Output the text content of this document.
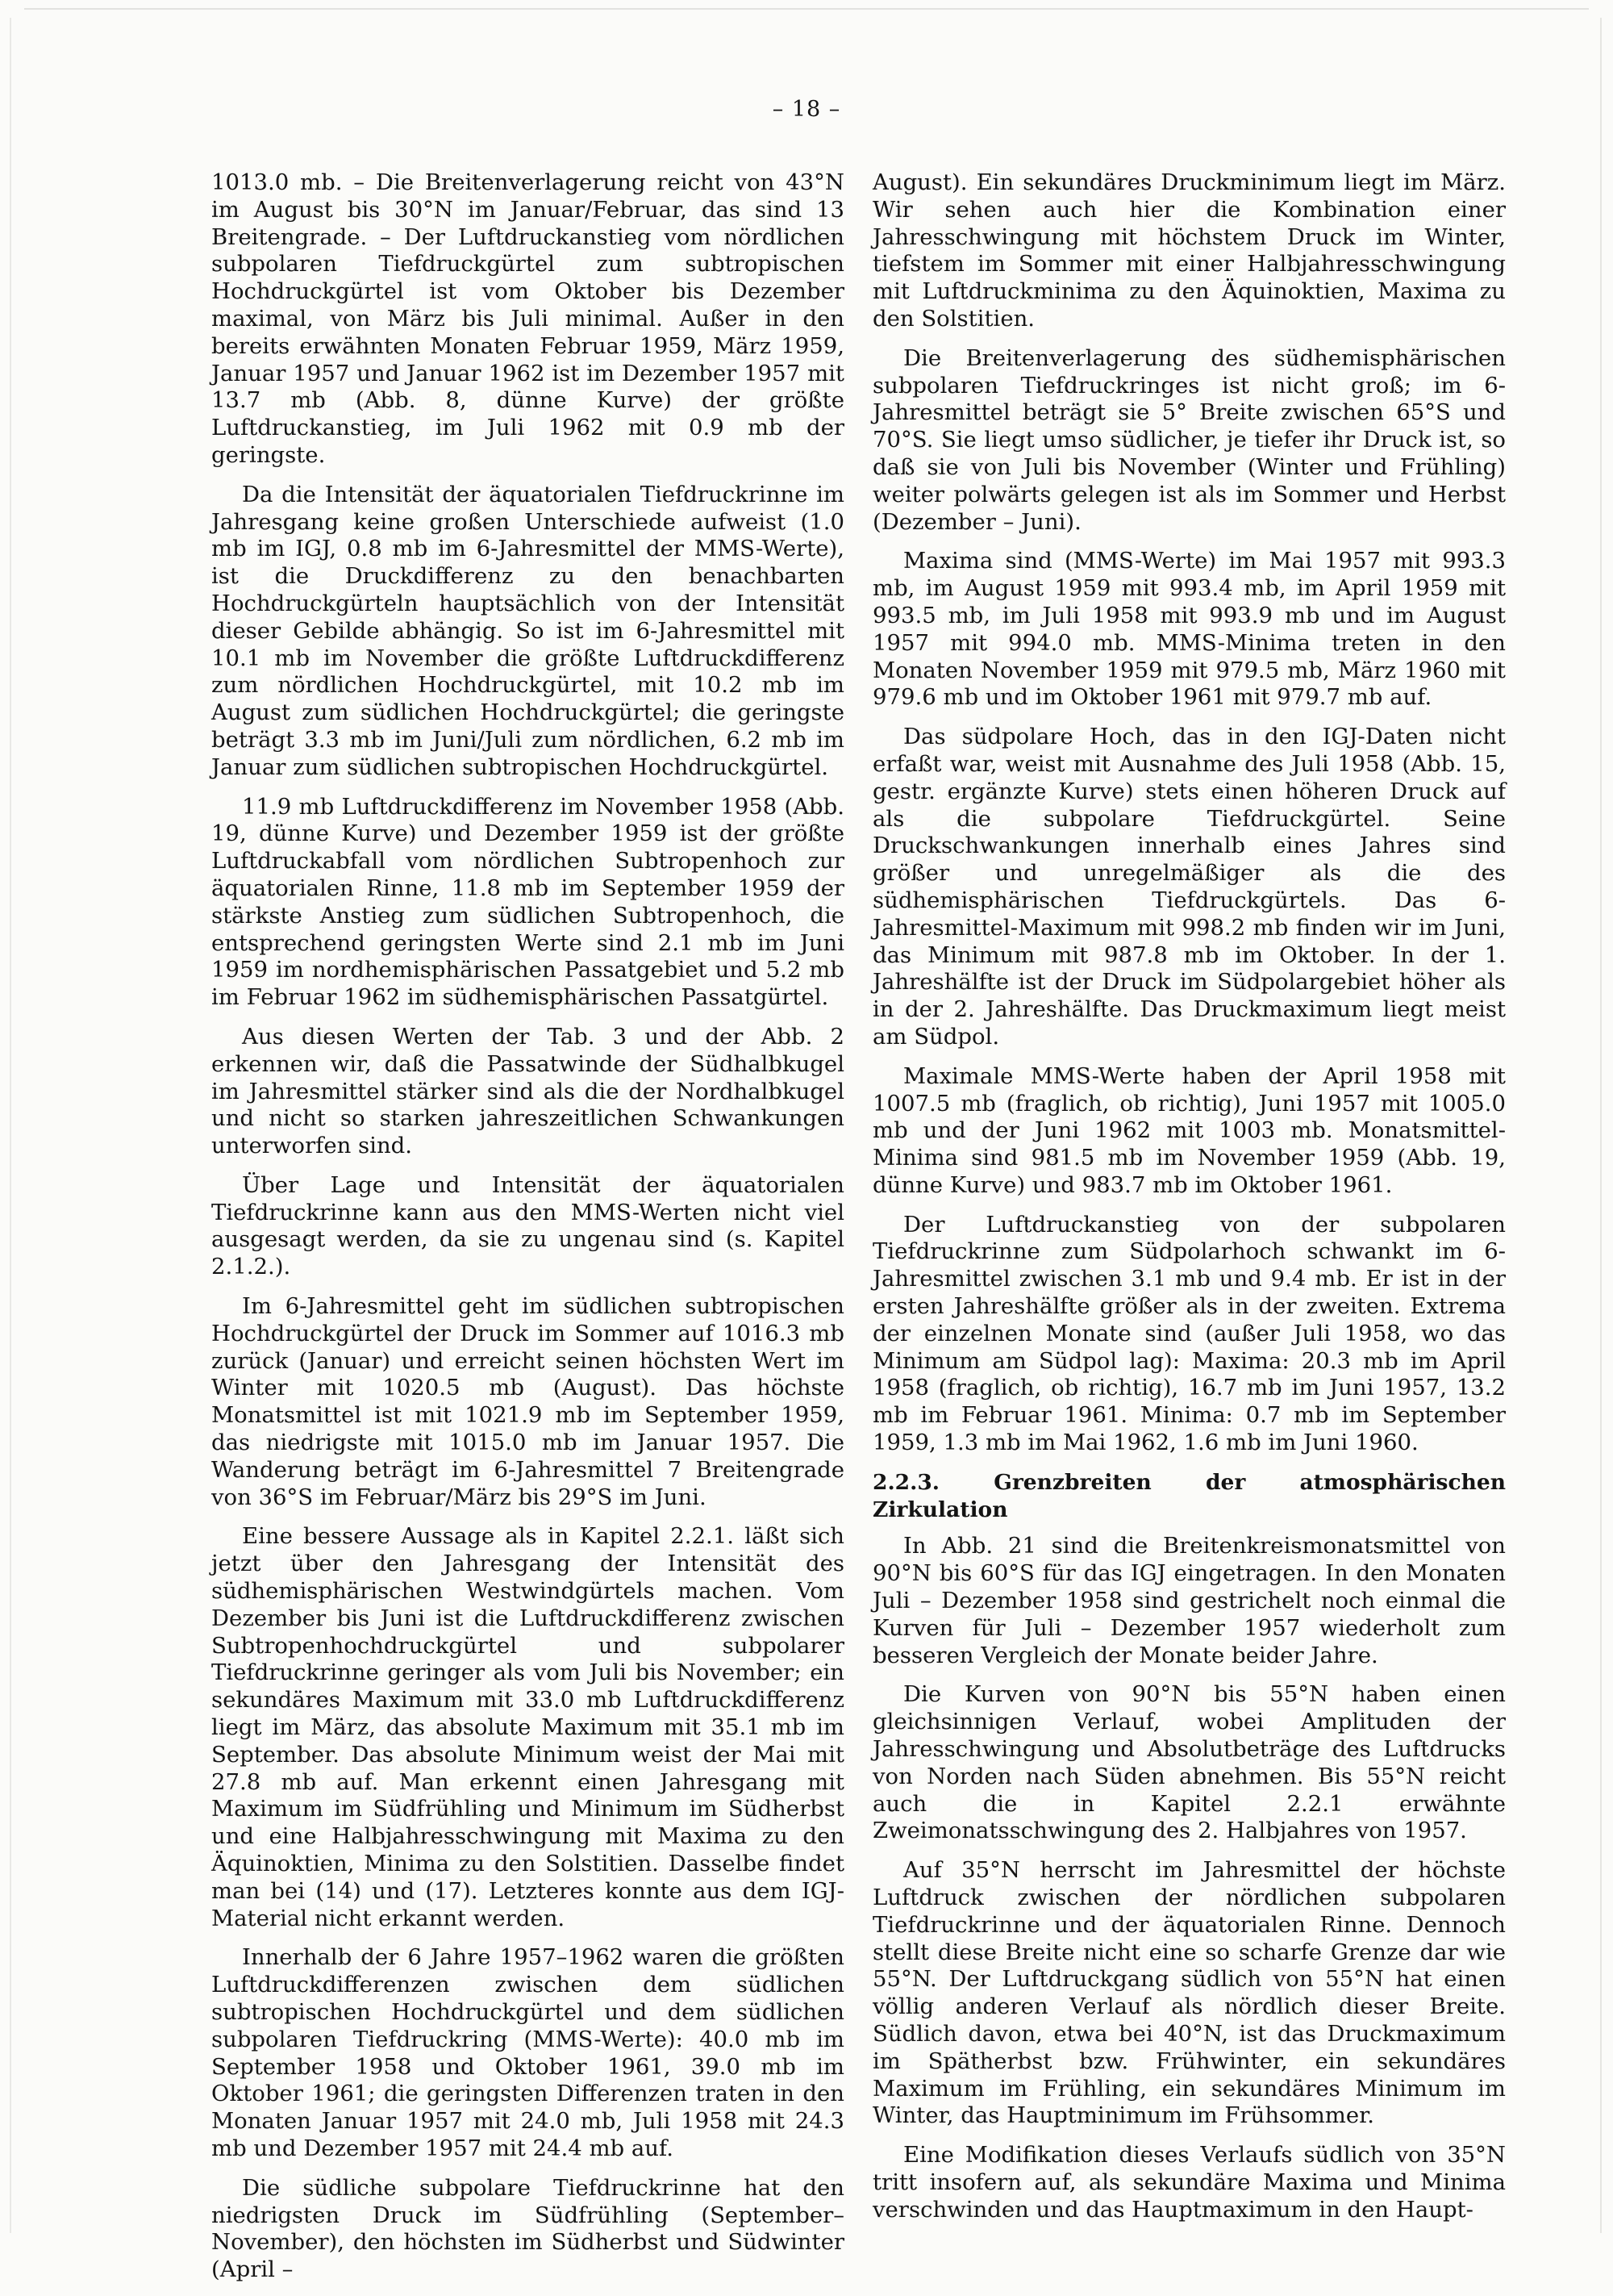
– 18 –

1013.0 mb. – Die Breitenverlagerung reicht von 43°N im August bis 30°N im Januar/Februar, das sind 13 Breitengrade. – Der Luftdruckanstieg vom nördlichen subpolaren Tiefdruckgürtel zum subtropischen Hochdruckgürtel ist vom Oktober bis Dezember maximal, von März bis Juli minimal. Außer in den bereits erwähnten Monaten Februar 1959, März 1959, Januar 1957 und Januar 1962 ist im Dezember 1957 mit 13.7 mb (Abb. 8, dünne Kurve) der größte Luftdruckanstieg, im Juli 1962 mit 0.9 mb der geringste.

Da die Intensität der äquatorialen Tiefdruckrinne im Jahresgang keine großen Unterschiede aufweist (1.0 mb im IGJ, 0.8 mb im 6-Jahresmittel der MMS-Werte), ist die Druckdifferenz zu den benachbarten Hochdruckgürteln hauptsächlich von der Intensität dieser Gebilde abhängig. So ist im 6-Jahresmittel mit 10.1 mb im November die größte Luftdruckdifferenz zum nördlichen Hochdruckgürtel, mit 10.2 mb im August zum südlichen Hochdruckgürtel; die geringste beträgt 3.3 mb im Juni/Juli zum nördlichen, 6.2 mb im Januar zum südlichen subtropischen Hochdruckgürtel.

11.9 mb Luftdruckdifferenz im November 1958 (Abb. 19, dünne Kurve) und Dezember 1959 ist der größte Luftdruckabfall vom nördlichen Subtropenhoch zur äquatorialen Rinne, 11.8 mb im September 1959 der stärkste Anstieg zum südlichen Subtropenhoch, die entsprechend geringsten Werte sind 2.1 mb im Juni 1959 im nordhemisphärischen Passatgebiet und 5.2 mb im Februar 1962 im südhemisphärischen Passatgürtel.

Aus diesen Werten der Tab. 3 und der Abb. 2 erkennen wir, daß die Passatwinde der Südhalbkugel im Jahresmittel stärker sind als die der Nordhalbkugel und nicht so starken jahreszeitlichen Schwankungen unterworfen sind.

Über Lage und Intensität der äquatorialen Tiefdruckrinne kann aus den MMS-Werten nicht viel ausgesagt werden, da sie zu ungenau sind (s. Kapitel 2.1.2.).

Im 6-Jahresmittel geht im südlichen subtropischen Hochdruckgürtel der Druck im Sommer auf 1016.3 mb zurück (Januar) und erreicht seinen höchsten Wert im Winter mit 1020.5 mb (August). Das höchste Monatsmittel ist mit 1021.9 mb im September 1959, das niedrigste mit 1015.0 mb im Januar 1957. Die Wanderung beträgt im 6-Jahresmittel 7 Breitengrade von 36°S im Februar/März bis 29°S im Juni.

Eine bessere Aussage als in Kapitel 2.2.1. läßt sich jetzt über den Jahresgang der Intensität des südhemisphärischen Westwindgürtels machen. Vom Dezember bis Juni ist die Luftdruckdifferenz zwischen Subtropenhochdruckgürtel und subpolarer Tiefdruckrinne geringer als vom Juli bis November; ein sekundäres Maximum mit 33.0 mb Luftdruckdifferenz liegt im März, das absolute Maximum mit 35.1 mb im September. Das absolute Minimum weist der Mai mit 27.8 mb auf. Man erkennt einen Jahresgang mit Maximum im Südfrühling und Minimum im Südherbst und eine Halbjahresschwingung mit Maxima zu den Äquinoktien, Minima zu den Solstitien. Dasselbe findet man bei (14) und (17). Letzteres konnte aus dem IGJ-Material nicht erkannt werden.

Innerhalb der 6 Jahre 1957–1962 waren die größten Luftdruckdifferenzen zwischen dem südlichen subtropischen Hochdruckgürtel und dem südlichen subpolaren Tiefdruckring (MMS-Werte): 40.0 mb im September 1958 und Oktober 1961, 39.0 mb im Oktober 1961; die geringsten Differenzen traten in den Monaten Januar 1957 mit 24.0 mb, Juli 1958 mit 24.3 mb und Dezember 1957 mit 24.4 mb auf.

Die südliche subpolare Tiefdruckrinne hat den niedrigsten Druck im Südfrühling (September–November), den höchsten im Südherbst und Südwinter (April –

August). Ein sekundäres Druckminimum liegt im März. Wir sehen auch hier die Kombination einer Jahresschwingung mit höchstem Druck im Winter, tiefstem im Sommer mit einer Halbjahresschwingung mit Luftdruckminima zu den Äquinoktien, Maxima zu den Solstitien.

Die Breitenverlagerung des südhemisphärischen subpolaren Tiefdruckringes ist nicht groß; im 6-Jahresmittel beträgt sie 5° Breite zwischen 65°S und 70°S. Sie liegt umso südlicher, je tiefer ihr Druck ist, so daß sie von Juli bis November (Winter und Frühling) weiter polwärts gelegen ist als im Sommer und Herbst (Dezember – Juni).

Maxima sind (MMS-Werte) im Mai 1957 mit 993.3 mb, im August 1959 mit 993.4 mb, im April 1959 mit 993.5 mb, im Juli 1958 mit 993.9 mb und im August 1957 mit 994.0 mb. MMS-Minima treten in den Monaten November 1959 mit 979.5 mb, März 1960 mit 979.6 mb und im Oktober 1961 mit 979.7 mb auf.

Das südpolare Hoch, das in den IGJ-Daten nicht erfaßt war, weist mit Ausnahme des Juli 1958 (Abb. 15, gestr. ergänzte Kurve) stets einen höheren Druck auf als die subpolare Tiefdruckgürtel. Seine Druckschwankungen innerhalb eines Jahres sind größer und unregelmäßiger als die des südhemisphärischen Tiefdruckgürtels. Das 6-Jahresmittel-Maximum mit 998.2 mb finden wir im Juni, das Minimum mit 987.8 mb im Oktober. In der 1. Jahreshälfte ist der Druck im Südpolargebiet höher als in der 2. Jahreshälfte. Das Druckmaximum liegt meist am Südpol.

Maximale MMS-Werte haben der April 1958 mit 1007.5 mb (fraglich, ob richtig), Juni 1957 mit 1005.0 mb und der Juni 1962 mit 1003 mb. Monatsmittel-Minima sind 981.5 mb im November 1959 (Abb. 19, dünne Kurve) und 983.7 mb im Oktober 1961.

Der Luftdruckanstieg von der subpolaren Tiefdruckrinne zum Südpolarhoch schwankt im 6-Jahresmittel zwischen 3.1 mb und 9.4 mb. Er ist in der ersten Jahreshälfte größer als in der zweiten. Extrema der einzelnen Monate sind (außer Juli 1958, wo das Minimum am Südpol lag): Maxima: 20.3 mb im April 1958 (fraglich, ob richtig), 16.7 mb im Juni 1957, 13.2 mb im Februar 1961. Minima: 0.7 mb im September 1959, 1.3 mb im Mai 1962, 1.6 mb im Juni 1960.

2.2.3. Grenzbreiten der atmosphärischen Zirkulation

In Abb. 21 sind die Breitenkreismonatsmittel von 90°N bis 60°S für das IGJ eingetragen. In den Monaten Juli – Dezember 1958 sind gestrichelt noch einmal die Kurven für Juli – Dezember 1957 wiederholt zum besseren Vergleich der Monate beider Jahre.

Die Kurven von 90°N bis 55°N haben einen gleichsinnigen Verlauf, wobei Amplituden der Jahresschwingung und Absolutbeträge des Luftdrucks von Norden nach Süden abnehmen. Bis 55°N reicht auch die in Kapitel 2.2.1 erwähnte Zweimonatsschwingung des 2. Halbjahres von 1957.

Auf 35°N herrscht im Jahresmittel der höchste Luftdruck zwischen der nördlichen subpolaren Tiefdruckrinne und der äquatorialen Rinne. Dennoch stellt diese Breite nicht eine so scharfe Grenze dar wie 55°N. Der Luftdruckgang südlich von 55°N hat einen völlig anderen Verlauf als nördlich dieser Breite. Südlich davon, etwa bei 40°N, ist das Druckmaximum im Spätherbst bzw. Frühwinter, ein sekundäres Maximum im Frühling, ein sekundäres Minimum im Winter, das Hauptminimum im Frühsommer.

Eine Modifikation dieses Verlaufs südlich von 35°N tritt insofern auf, als sekundäre Maxima und Minima verschwinden und das Hauptmaximum in den Haupt-
